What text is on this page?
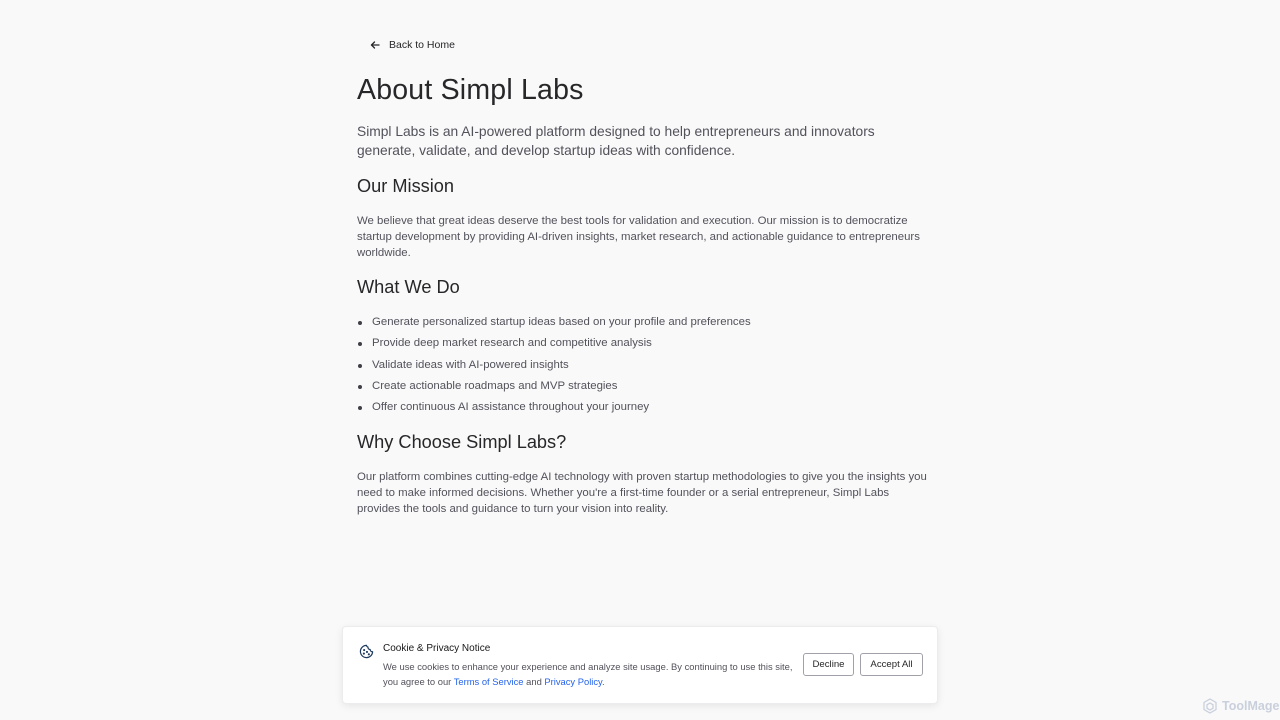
Back to Home
About Simpl Labs

Simpl Labs is an AI-powered platform designed to help entrepreneurs and innovators generate, validate, and develop startup ideas with confidence.

Our Mission

We believe that great ideas deserve the best tools for validation and execution. Our mission is to democratize startup development by providing AI-driven insights, market research, and actionable guidance to entrepreneurs worldwide.

What We Do
Generate personalized startup ideas based on your profile and preferences
Provide deep market research and competitive analysis
Validate ideas with AI-powered insights
Create actionable roadmaps and MVP strategies
Offer continuous AI assistance throughout your journey
Why Choose Simpl Labs?

Our platform combines cutting-edge AI technology with proven startup methodologies to give you the insights you need to make informed decisions. Whether you're a first-time founder or a serial entrepreneur, Simpl Labs provides the tools and guidance to turn your vision into reality.

Cookie & Privacy Notice

We use cookies to enhance your experience and analyze site usage. By continuing to use this site, you agree to our Terms of Service and Privacy Policy.

Decline	Accept All
ToolMage
